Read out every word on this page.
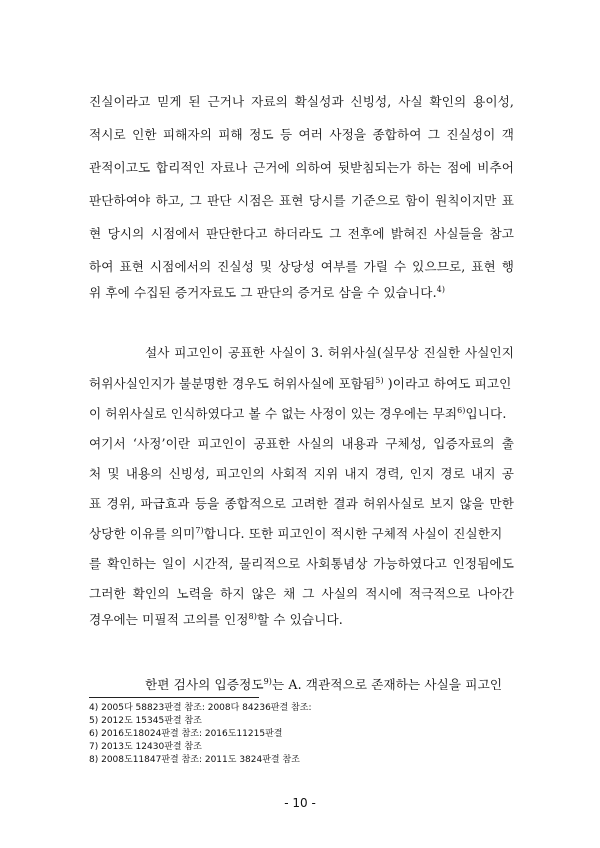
진실이라고 믿게 된 근거나 자료의 확실성과 신빙성, 사실 확인의 용이성,
적시로 인한 피해자의 피해 정도 등 여러 사정을 종합하여 그 진실성이 객
관적이고도 합리적인 자료나 근거에 의하여 뒷받침되는가 하는 점에 비추어
판단하여야 하고, 그 판단 시점은 표현 당시를 기준으로 함이 원칙이지만 표
현 당시의 시점에서 판단한다고 하더라도 그 전후에 밝혀진 사실들을 참고
하여 표현 시점에서의 진실성 및 상당성 여부를 가릴 수 있으므로, 표현 행
위 후에 수집된 증거자료도 그 판단의 증거로 삼을 수 있습니다.$^{4)}$
설사 피고인이 공표한 사실이 3. 허위사실(실무상 진실한 사실인지
허위사실인지가 불분명한 경우도 허위사실에 포함됨$^{5)}$ )이라고 하여도 피고인
이 허위사실로 인식하였다고 볼 수 없는 사정이 있는 경우에는 무죄$^{6)}$입니다.
여기서 ‘사정’이란 피고인이 공표한 사실의 내용과 구체성, 입증자료의 출
처 및 내용의 신빙성, 피고인의 사회적 지위 내지 경력, 인지 경로 내지 공
표 경위, 파급효과 등을 종합적으로 고려한 결과 허위사실로 보지 않을 만한
상당한 이유를 의미$^{7)}$합니다. 또한 피고인이 적시한 구체적 사실이 진실한지
를 확인하는 일이 시간적, 물리적으로 사회통념상 가능하였다고 인정됨에도
그러한 확인의 노력을 하지 않은 채 그 사실의 적시에 적극적으로 나아간
경우에는 미필적 고의를 인정$^{8)}$할 수 있습니다.
한편 검사의 입증정도$^{9)}$는 A. 객관적으로 존재하는 사실을 피고인
4) 2005다 58823판결 참조: 2008다 84236판결 참조:
5) 2012도 15345판결 참조
6) 2016도18024판결 참조: 2016도11215판결
7) 2013도 12430판결 참조
8) 2008도11847판결 참조: 2011도 3824판결 참조
- 10 -
